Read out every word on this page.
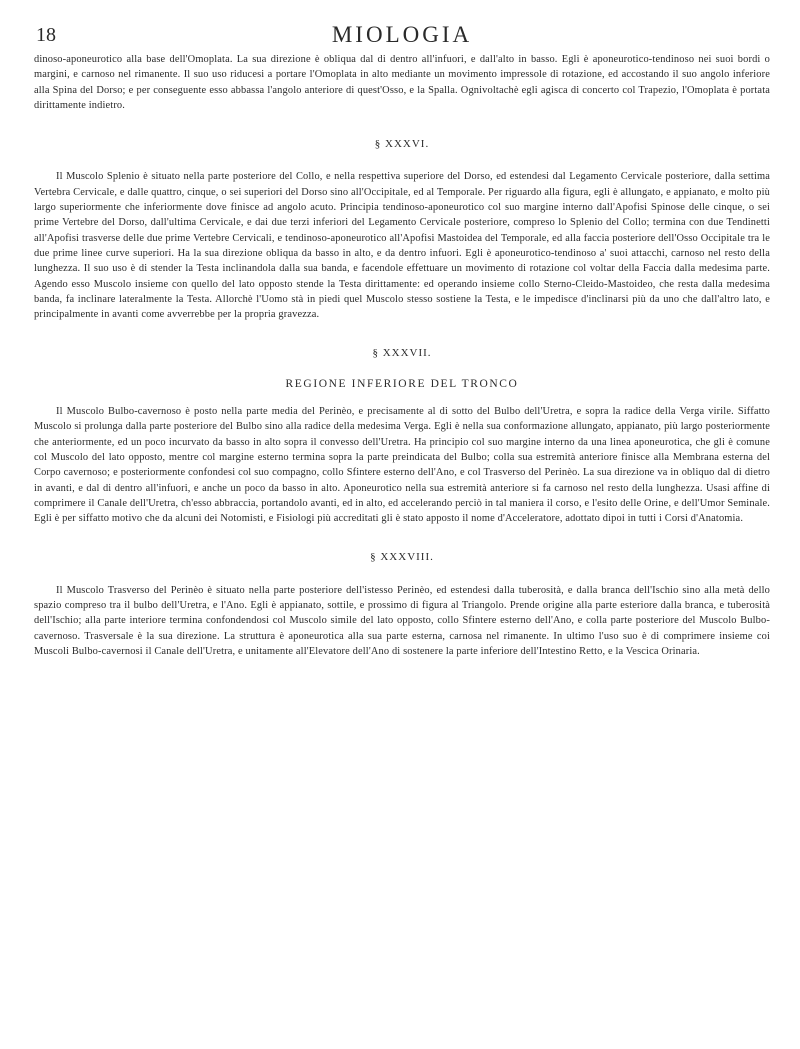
18	MIOLOGIA

dinoso-aponeurotico alla base dell'Omoplata. La sua direzione è obliqua dal di dentro all'infuori, e dall'alto in basso. Egli è aponeurotico-tendinoso nei suoi bordi o margini, e carnoso nel rimanente. Il suo uso riducesi a portare l'Omoplata in alto mediante un movimento impressole di rotazione, ed accostando il suo angolo inferiore alla Spina del Dorso; e per conseguente esso abbassa l'angolo anteriore di quest'Osso, e la Spalla. Ognivoltachè egli agisca di concerto col Trapezio, l'Omoplata è portata dirittamente indietro.

§ XXXVI.

Il Muscolo Splenio è situato nella parte posteriore del Collo, e nella respettiva superiore del Dorso, ed estendesi dal Legamento Cervicale posteriore, dalla settima Vertebra Cervicale, e dalle quattro, cinque, o sei superiori del Dorso sino all'Occipitale, ed al Temporale. Per riguardo alla figura, egli è allungato, e appianato, e molto più largo superiormente che inferiormente dove finisce ad angolo acuto. Principia tendinoso-aponeurotico col suo margine interno dall'Apofisi Spinose delle cinque, o sei prime Vertebre del Dorso, dall'ultima Cervicale, e dai due terzi inferiori del Legamento Cervicale posteriore, compreso lo Splenio del Collo; termina con due Tendinetti all'Apofisi trasverse delle due prime Vertebre Cervicali, e tendinoso-aponeurotico all'Apofisi Mastoidea del Temporale, ed alla faccia posteriore dell'Osso Occipitale tra le due prime linee curve superiori. Ha la sua direzione obliqua da basso in alto, e da dentro infuori. Egli è aponeurotico-tendinoso a' suoi attacchi, carnoso nel resto della lunghezza. Il suo uso è di stender la Testa inclinandola dalla sua banda, e facendole effettuare un movimento di rotazione col voltar della Faccia dalla medesima parte. Agendo esso Muscolo insieme con quello del lato opposto stende la Testa dirittamente: ed operando insieme collo Sterno-Cleido-Mastoideo, che resta dalla medesima banda, fa inclinare lateralmente la Testa. Allorchè l'Uomo stà in piedi quel Muscolo stesso sostiene la Testa, e le impedisce d'inclinarsi più da uno che dall'altro lato, e principalmente in avanti come avverrebbe per la propria gravezza.

§ XXXVII.
REGIONE INFERIORE DEL TRONCO

Il Muscolo Bulbo-cavernoso è posto nella parte media del Perinèo, e precisamente al di sotto del Bulbo dell'Uretra, e sopra la radice della Verga virile. Siffatto Muscolo si prolunga dalla parte posteriore del Bulbo sino alla radice della medesima Verga. Egli è nella sua conformazione allungato, appianato, più largo posteriormente che anteriormente, ed un poco incurvato da basso in alto sopra il convesso dell'Uretra. Ha principio col suo margine interno da una linea aponeurotica, che gli è comune col Muscolo del lato opposto, mentre col margine esterno termina sopra la parte preindicata del Bulbo; colla sua estremità anteriore finisce alla Membrana esterna del Corpo cavernoso; e posteriormente confondesi col suo compagno, collo Sfintere esterno dell'Ano, e col Trasverso del Perinèo. La sua direzione va in obliquo dal di dietro in avanti, e dal di dentro all'infuori, e anche un poco da basso in alto. Aponeurotico nella sua estremità anteriore si fa carnoso nel resto della lunghezza. Usasi affine di comprimere il Canale dell'Uretra, ch'esso abbraccia, portandolo avanti, ed in alto, ed accelerando perciò in tal maniera il corso, e l'esito delle Orine, e dell'Umor Seminale. Egli è per siffatto motivo che da alcuni dei Notomisti, e Fisiologi più accreditati gli è stato apposto il nome d'Acceleratore, adottato dipoi in tutti i Corsi d'Anatomia.

§ XXXVIII.

Il Muscolo Trasverso del Perinèo è situato nella parte posteriore dell'istesso Perinèo, ed estendesi dalla tuberosità, e dalla branca dell'Ischio sino alla metà dello spazio compreso tra il bulbo dell'Uretra, e l'Ano. Egli è appianato, sottile, e prossimo di figura al Triangolo. Prende origine alla parte esteriore dalla branca, e tuberosità dell'Ischio; alla parte interiore termina confondendosi col Muscolo simile del lato opposto, collo Sfintere esterno dell'Ano, e colla parte posteriore del Muscolo Bulbo-cavernoso. Trasversale è la sua direzione. La struttura è aponeurotica alla sua parte esterna, carnosa nel rimanente. In ultimo l'uso suo è di comprimere insieme coi Muscoli Bulbo-cavernosi il Canale dell'Uretra, e unitamente all'Elevatore dell'Ano di sostenere la parte inferiore dell'Intestino Retto, e la Vescica Orinaria.
